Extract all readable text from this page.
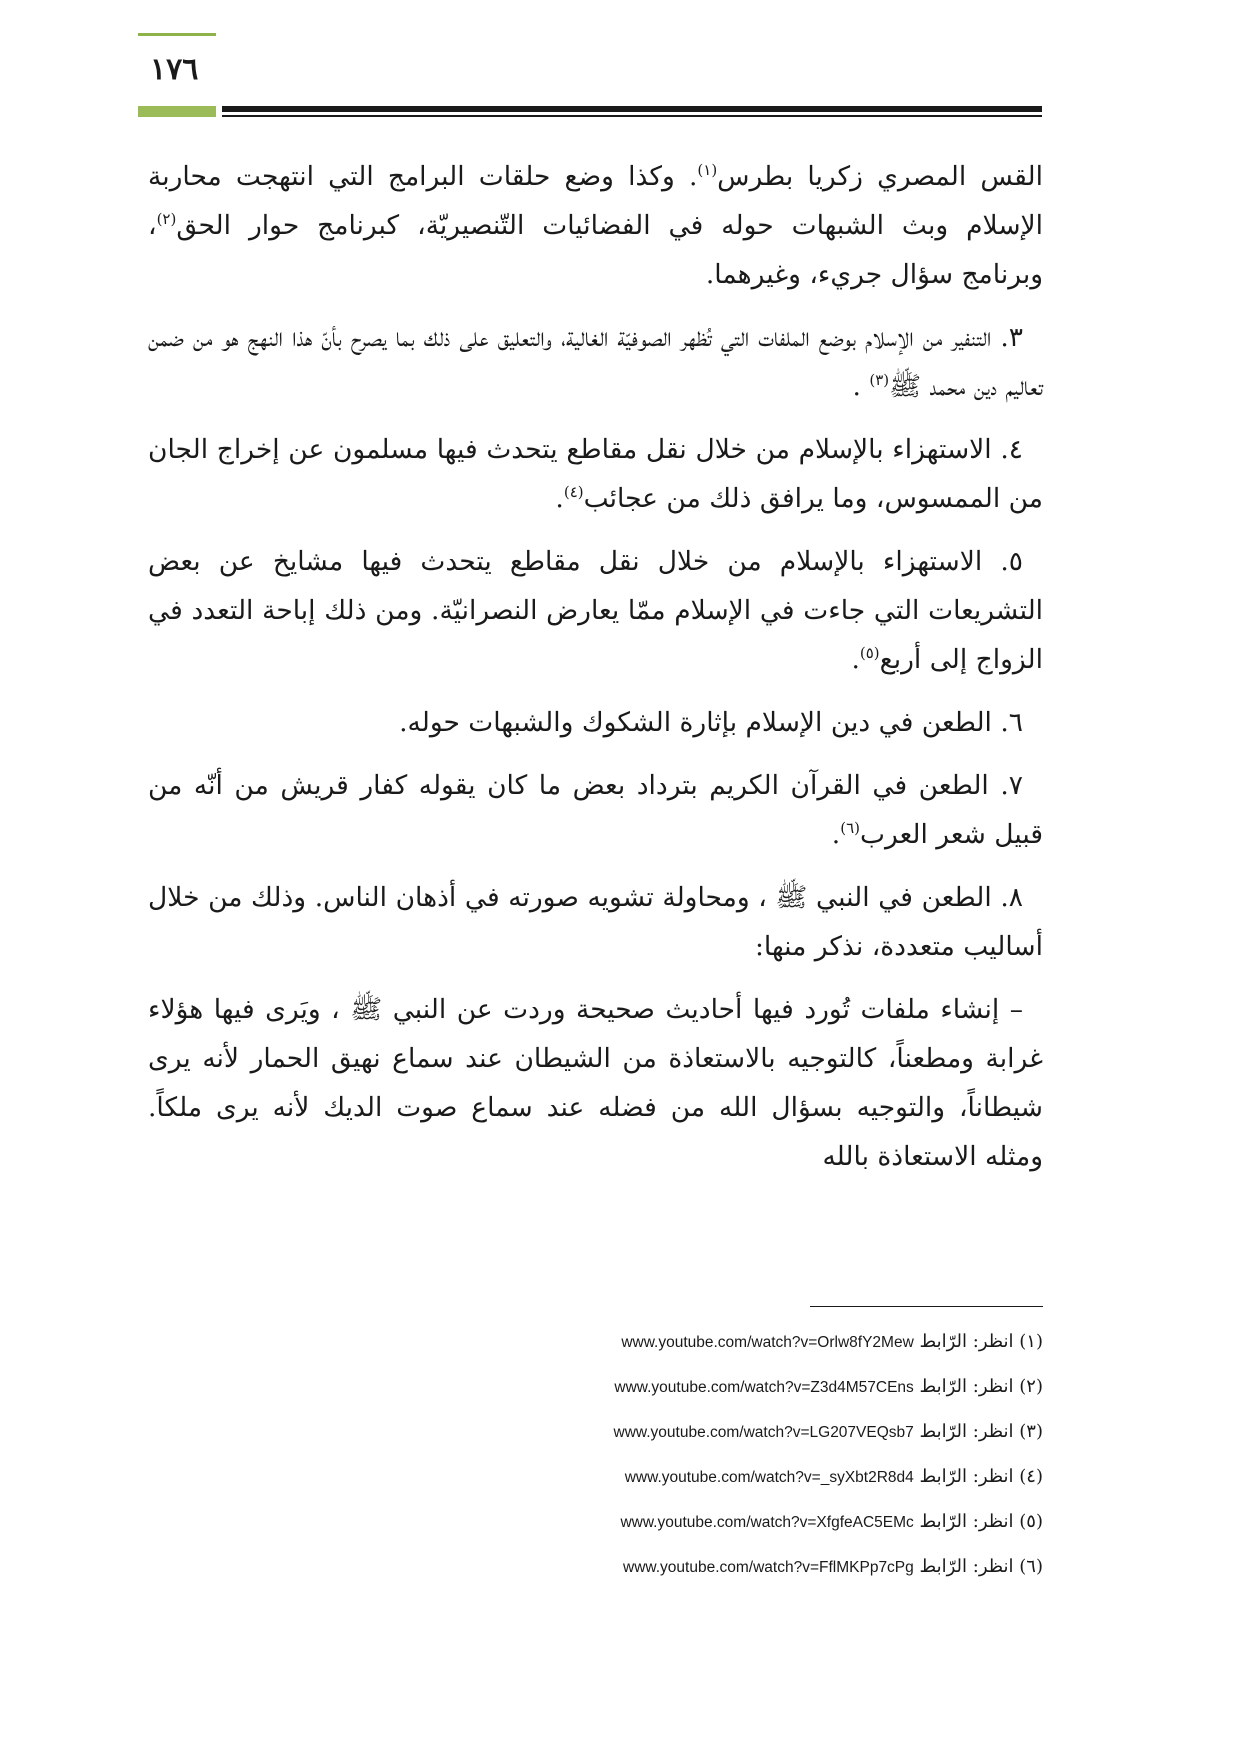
١٧٦

القس المصري زكريا بطرس$^{(١)}$. وكذا وضع حلقات البرامج التي انتهجت محاربة الإسلام وبث الشبهات حوله في الفضائيات التّنصيريّة، كبرنامج حوار الحق$^{(٢)}$، وبرنامج سؤال جريء، وغيرهما.

٣. التنفير من الإسلام بوضع الملفات التي تُظهر الصوفيّة الغالية، والتعليق على ذلك بما يصرح بأنّ هذا النهج هو من ضمن تعاليم دين محمد ﷺ$^{(٣)}$ .

٤. الاستهزاء بالإسلام من خلال نقل مقاطع يتحدث فيها مسلمون عن إخراج الجان من الممسوس، وما يرافق ذلك من عجائب$^{(٤)}$.

٥. الاستهزاء بالإسلام من خلال نقل مقاطع يتحدث فيها مشايخ عن بعض التشريعات التي جاءت في الإسلام ممّا يعارض النصرانيّة. ومن ذلك إباحة التعدد في الزواج إلى أربع$^{(٥)}$.

٦. الطعن في دين الإسلام بإثارة الشكوك والشبهات حوله.

٧. الطعن في القرآن الكريم بترداد بعض ما كان يقوله كفار قريش من أنّه من قبيل شعر العرب$^{(٦)}$.

٨. الطعن في النبي ﷺ ، ومحاولة تشويه صورته في أذهان الناس. وذلك من خلال أساليب متعددة، نذكر منها:

– إنشاء ملفات تُورد فيها أحاديث صحيحة وردت عن النبي ﷺ ، ويَرى فيها هؤلاء غرابة ومطعناً، كالتوجيه بالاستعاذة من الشيطان عند سماع نهيق الحمار لأنه يرى شيطاناً، والتوجيه بسؤال الله من فضله عند سماع صوت الديك لأنه يرى ملكاً. ومثله الاستعاذة بالله

(١) انظر: الرّابط www.youtube.com/watch?v=Orlw8fY2Mew
(٢) انظر: الرّابط www.youtube.com/watch?v=Z3d4M57CEns
(٣) انظر: الرّابط www.youtube.com/watch?v=LG207VEQsb7
(٤) انظر: الرّابط www.youtube.com/watch?v=_syXbt2R8d4
(٥) انظر: الرّابط www.youtube.com/watch?v=XfgfeAC5EMc
(٦) انظر: الرّابط www.youtube.com/watch?v=FflMKPp7cPg
